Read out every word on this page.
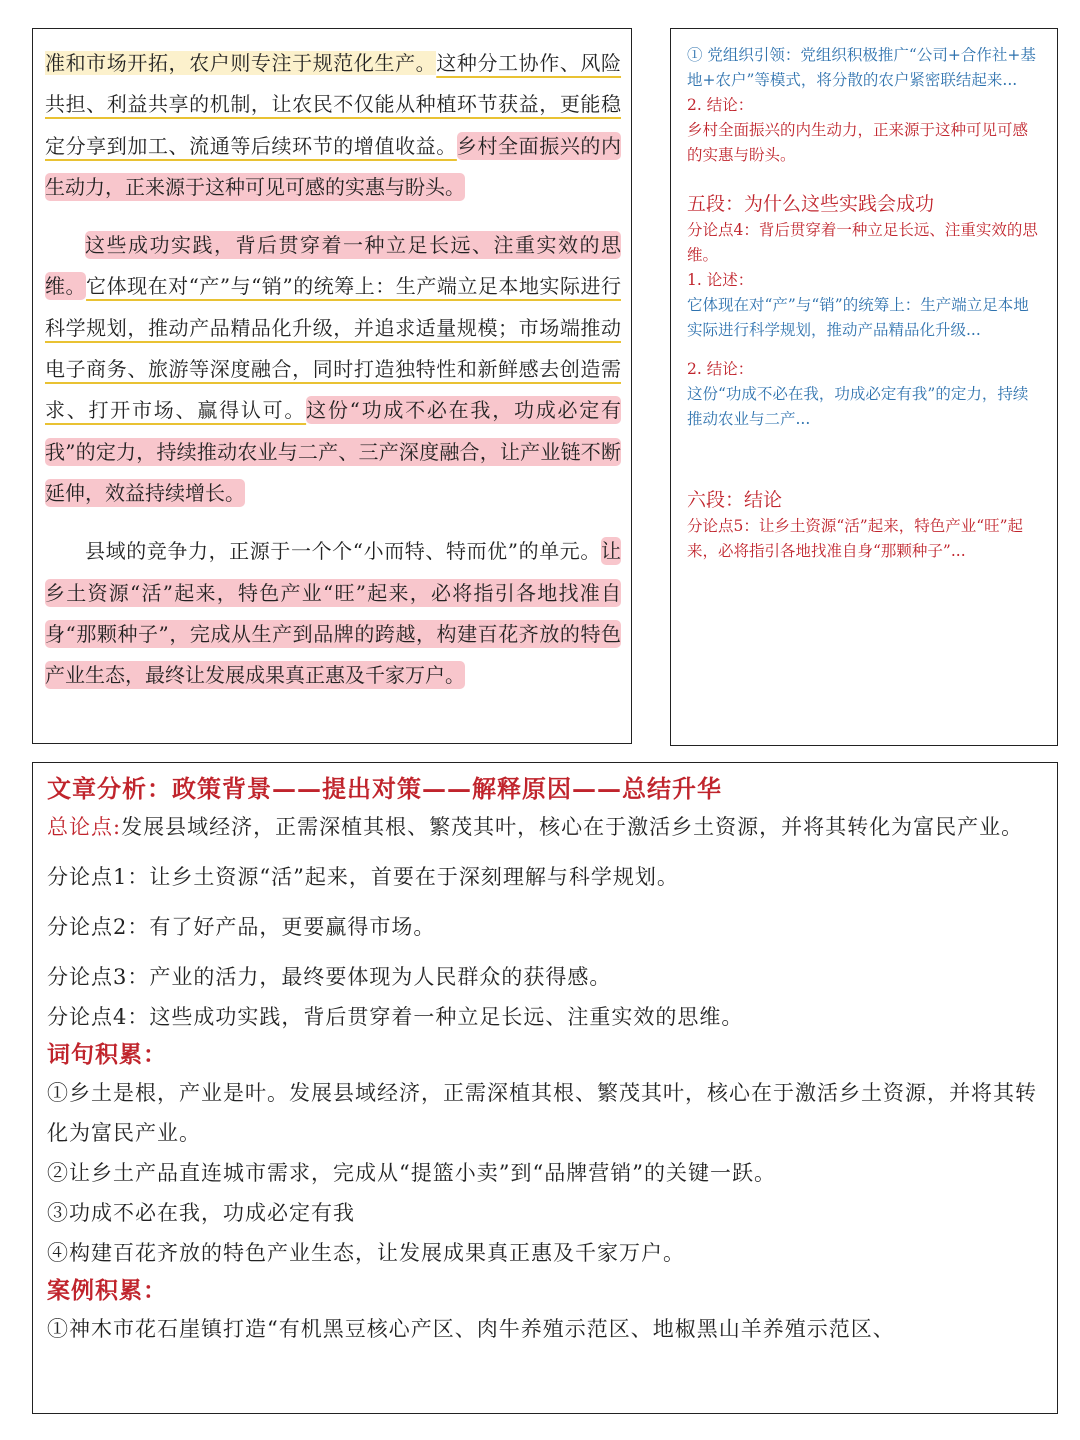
准和市场开拓，农户则专注于规范化生产。这种分工协作、风险共担、利益共享的机制，让农民不仅能从种植环节获益，更能稳定分享到加工、流通等后续环节的增值收益。乡村全面振兴的内生动力，正来源于这种可见可感的实惠与盼头。

这些成功实践，背后贯穿着一种立足长远、注重实效的思维。它体现在对“产”与“销”的统筹上：生产端立足本地实际进行科学规划，推动产品精品化升级，并追求适量规模；市场端推动电子商务、旅游等深度融合，同时打造独特性和新鲜感去创造需求、打开市场、赢得认可。这份“功成不必在我，功成必定有我”的定力，持续推动农业与二产、三产深度融合，让产业链不断延伸，效益持续增长。

县域的竞争力，正源于一个个“小而特、特而优”的单元。让乡土资源“活”起来，特色产业“旺”起来，必将指引各地找准自身“那颗种子”，完成从生产到品牌的跨越，构建百花齐放的特色产业生态，最终让发展成果真正惠及千家万户。

① 党组织引领：党组织积极推广“公司+合作社+基地+农户”等模式，将分散的农户紧密联结起来...
2. 结论：
乡村全面振兴的内生动力，正来源于这种可见可感的实惠与盼头。
五段：为什么这些实践会成功
分论点4：背后贯穿着一种立足长远、注重实效的思维。
1. 论述：
它体现在对“产”与“销”的统筹上：生产端立足本地实际进行科学规划，推动产品精品化升级...
2. 结论：
这份“功成不必在我，功成必定有我”的定力，持续推动农业与二产...
六段：结论
分论点5：让乡土资源“活”起来，特色产业“旺”起来，必将指引各地找准自身“那颗种子”...
文章分析：政策背景——提出对策——解释原因——总结升华
总论点:发展县域经济，正需深植其根、繁茂其叶，核心在于激活乡土资源，并将其转化为富民产业。
分论点1：让乡土资源“活”起来，首要在于深刻理解与科学规划。
分论点2：有了好产品，更要赢得市场。
分论点3：产业的活力，最终要体现为人民群众的获得感。
分论点4：这些成功实践，背后贯穿着一种立足长远、注重实效的思维。
词句积累：
①乡土是根，产业是叶。发展县域经济，正需深植其根、繁茂其叶，核心在于激活乡土资源，并将其转化为富民产业。
②让乡土产品直连城市需求，完成从“提篮小卖”到“品牌营销”的关键一跃。
③功成不必在我，功成必定有我
④构建百花齐放的特色产业生态，让发展成果真正惠及千家万户。
案例积累：
①神木市花石崖镇打造“有机黑豆核心产区、肉牛养殖示范区、地椒黑山羊养殖示范区、
